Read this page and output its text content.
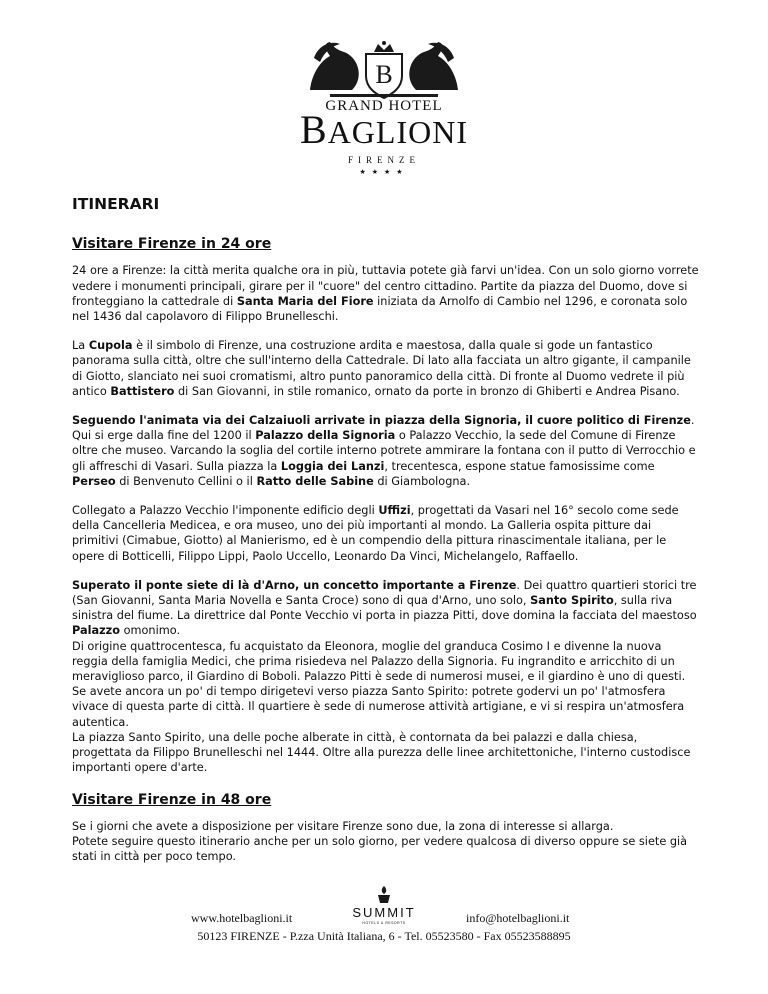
B
GRAND HOTEL
BAGLIONI
FIRENZE
★★★★
ITINERARI
Visitare Firenze in 24 ore

24 ore a Firenze: la città merita qualche ora in più, tuttavia potete già farvi un'idea. Con un solo giorno vorrete vedere i monumenti principali, girare per il "cuore" del centro cittadino. Partite da piazza del Duomo, dove si fronteggiano la cattedrale di Santa Maria del Fiore iniziata da Arnolfo di Cambio nel 1296, e coronata solo nel 1436 dal capolavoro di Filippo Brunelleschi.

La Cupola è il simbolo di Firenze, una costruzione ardita e maestosa, dalla quale si gode un fantastico panorama sulla città, oltre che sull'interno della Cattedrale. Di lato alla facciata un altro gigante, il campanile di Giotto, slanciato nei suoi cromatismi, altro punto panoramico della città. Di fronte al Duomo vedrete il più antico Battistero di San Giovanni, in stile romanico, ornato da porte in bronzo di Ghiberti e Andrea Pisano.

Seguendo l'animata via dei Calzaiuoli arrivate in piazza della Signoria, il cuore politico di Firenze. Qui si erge dalla fine del 1200 il Palazzo della Signoria o Palazzo Vecchio, la sede del Comune di Firenze oltre che museo. Varcando la soglia del cortile interno potrete ammirare la fontana con il putto di Verrocchio e gli affreschi di Vasari. Sulla piazza la Loggia dei Lanzi, trecentesca, espone statue famosissime come Perseo di Benvenuto Cellini o il Ratto delle Sabine di Giambologna.

Collegato a Palazzo Vecchio l'imponente edificio degli Uffizi, progettati da Vasari nel 16° secolo come sede della Cancelleria Medicea, e ora museo, uno dei più importanti al mondo. La Galleria ospita pitture dai primitivi (Cimabue, Giotto) al Manierismo, ed è un compendio della pittura rinascimentale italiana, per le opere di Botticelli, Filippo Lippi, Paolo Uccello, Leonardo Da Vinci, Michelangelo, Raffaello.

Superato il ponte siete di là d'Arno, un concetto importante a Firenze. Dei quattro quartieri storici tre (San Giovanni, Santa Maria Novella e Santa Croce) sono di qua d'Arno, uno solo, Santo Spirito, sulla riva sinistra del fiume. La direttrice dal Ponte Vecchio vi porta in piazza Pitti, dove domina la facciata del maestoso Palazzo omonimo.

Di origine quattrocentesca, fu acquistato da Eleonora, moglie del granduca Cosimo I e divenne la nuova reggia della famiglia Medici, che prima risiedeva nel Palazzo della Signoria. Fu ingrandito e arricchito di un meraviglioso parco, il Giardino di Boboli. Palazzo Pitti è sede di numerosi musei, e il giardino è uno di questi.

Se avete ancora un po' di tempo dirigetevi verso piazza Santo Spirito: potrete godervi un po' l'atmosfera vivace di questa parte di città. Il quartiere è sede di numerose attività artigiane, e vi si respira un'atmosfera autentica.

La piazza Santo Spirito, una delle poche alberate in città, è contornata da bei palazzi e dalla chiesa, progettata da Filippo Brunelleschi nel 1444. Oltre alla purezza delle linee architettoniche, l'interno custodisce importanti opere d'arte.

Visitare Firenze in 48 ore

Se i giorni che avete a disposizione per visitare Firenze sono due, la zona di interesse si allarga.

Potete seguire questo itinerario anche per un solo giorno, per vedere qualcosa di diverso oppure se siete già stati in città per poco tempo.

www.hotelbaglioni.it	SUMMIT
HOTELS & RESORTS	info@hotelbaglioni.it
50123 FIRENZE - P.zza Unità Italiana, 6 - Tel. 05523580 - Fax 05523588895
